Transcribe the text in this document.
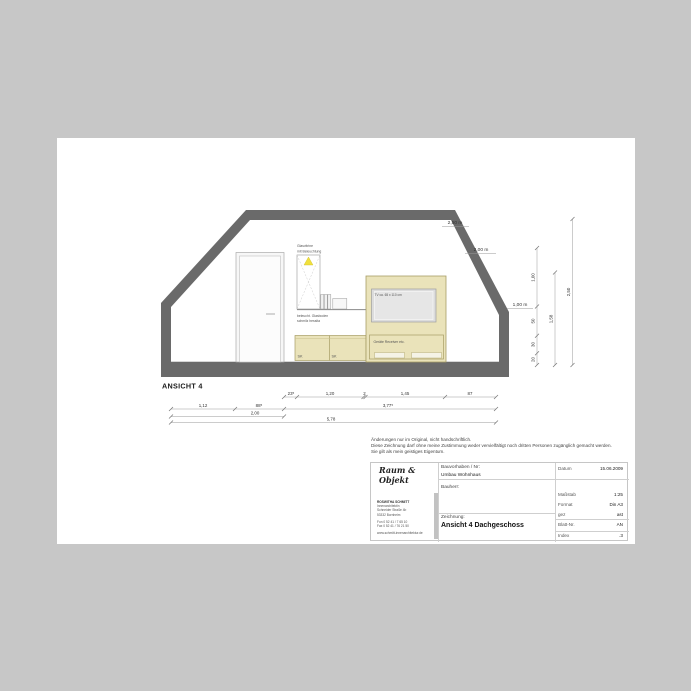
SK	SK
TV ca. 65 x 110 cm
Geräte Receiver etc.
Glasvitrine
mit Beleuchtung
beleucht. Glasboden
schmilz hessita
2,50 m
2,00 m
1,00 m
1,00
50
30
20
1,58
2,50
23⁵	1,20	2	1,45	87
1,12	88⁵	3,77⁵
2,00
5,78
ANSICHT 4
Änderungen nur im Original, nicht handschriftlich.
Diese Zeichnung darf ohne meine Zustimmung weder vervielfältigt noch dritten Personen zugänglich gemacht werden.
Sie gilt als mein geistiges Eigentum.
Raum & Objekt
ROSWITHA SCHMITT
Innenarchitektin
Schneider Straße 4b
53332 Bornheim
Fon 0 52 41 / 7 65 10
Fax 0 52 41 / 76 21 50
www.schmitt-innenarchitektur.de
Bauvorhaben / Nr:
Umbau Wohnhaus
Bauherr:
Zeichnung:
Ansicht 4 Dachgeschoss
Datum	15.06.2009
Maßstab	1:25
Format	Din A3
gez	ast
Blatt-Nr.	AN
Index	.3
